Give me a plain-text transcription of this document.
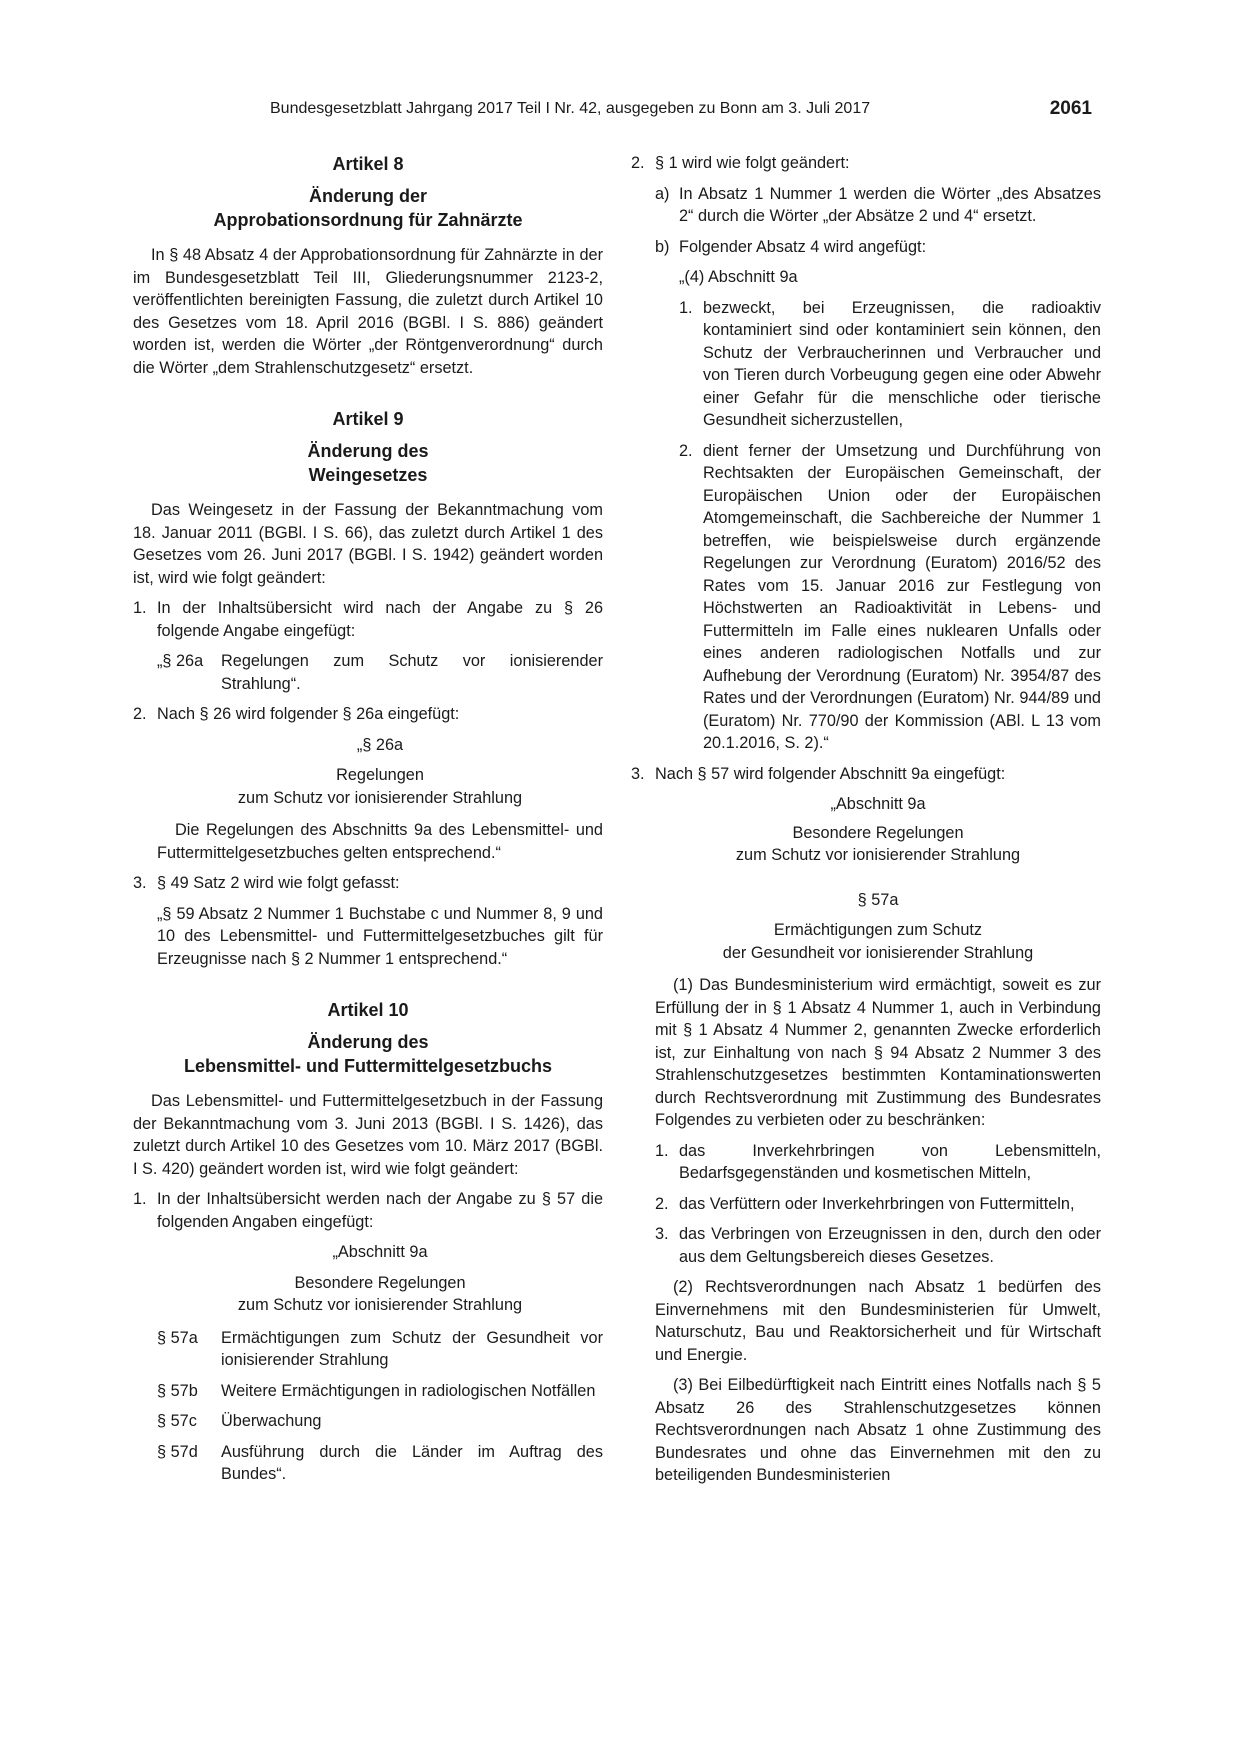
Bundesgesetzblatt Jahrgang 2017 Teil I Nr. 42, ausgegeben zu Bonn am 3. Juli 2017	2061
Artikel 8
Änderung der
Approbationsordnung für Zahnärzte
In § 48 Absatz 4 der Approbationsordnung für Zahnärzte in der im Bundesgesetzblatt Teil III, Gliederungsnummer 2123-2, veröffentlichten bereinigten Fassung, die zuletzt durch Artikel 10 des Gesetzes vom 18. April 2016 (BGBl. I S. 886) geändert worden ist, werden die Wörter „der Röntgenverordnung“ durch die Wörter „dem Strahlenschutzgesetz“ ersetzt.
Artikel 9
Änderung des
Weingesetzes
Das Weingesetz in der Fassung der Bekanntmachung vom 18. Januar 2011 (BGBl. I S. 66), das zuletzt durch Artikel 1 des Gesetzes vom 26. Juni 2017 (BGBl. I S. 1942) geändert worden ist, wird wie folgt geändert:
1. In der Inhaltsübersicht wird nach der Angabe zu § 26 folgende Angabe eingefügt:
„§ 26a Regelungen zum Schutz vor ionisierender Strahlung“.
2. Nach § 26 wird folgender § 26a eingefügt:
„§ 26a
Regelungen
zum Schutz vor ionisierender Strahlung
Die Regelungen des Abschnitts 9a des Lebensmittel- und Futtermittelgesetzbuches gelten entsprechend.“
3. § 49 Satz 2 wird wie folgt gefasst:
„§ 59 Absatz 2 Nummer 1 Buchstabe c und Nummer 8, 9 und 10 des Lebensmittel- und Futtermittelgesetzbuches gilt für Erzeugnisse nach § 2 Nummer 1 entsprechend.“
Artikel 10
Änderung des
Lebensmittel- und Futtermittelgesetzbuchs
Das Lebensmittel- und Futtermittelgesetzbuch in der Fassung der Bekanntmachung vom 3. Juni 2013 (BGBl. I S. 1426), das zuletzt durch Artikel 10 des Gesetzes vom 10. März 2017 (BGBl. I S. 420) geändert worden ist, wird wie folgt geändert:
1. In der Inhaltsübersicht werden nach der Angabe zu § 57 die folgenden Angaben eingefügt:
„Abschnitt 9a
Besondere Regelungen
zum Schutz vor ionisierender Strahlung
§ 57a Ermächtigungen zum Schutz der Gesundheit vor ionisierender Strahlung
§ 57b Weitere Ermächtigungen in radiologischen Notfällen
§ 57c Überwachung
§ 57d Ausführung durch die Länder im Auftrag des Bundes“.
2. § 1 wird wie folgt geändert:
a) In Absatz 1 Nummer 1 werden die Wörter „des Absatzes 2“ durch die Wörter „der Absätze 2 und 4“ ersetzt.
b) Folgender Absatz 4 wird angefügt:
„(4) Abschnitt 9a
1. bezweckt, bei Erzeugnissen, die radioaktiv kontaminiert sind oder kontaminiert sein können, den Schutz der Verbraucherinnen und Verbraucher und von Tieren durch Vorbeugung gegen eine oder Abwehr einer Gefahr für die menschliche oder tierische Gesundheit sicherzustellen,
2. dient ferner der Umsetzung und Durchführung von Rechtsakten der Europäischen Gemeinschaft, der Europäischen Union oder der Europäischen Atomgemeinschaft, die Sachbereiche der Nummer 1 betreffen, wie beispielsweise durch ergänzende Regelungen zur Verordnung (Euratom) 2016/52 des Rates vom 15. Januar 2016 zur Festlegung von Höchstwerten an Radioaktivität in Lebens- und Futtermitteln im Falle eines nuklearen Unfalls oder eines anderen radiologischen Notfalls und zur Aufhebung der Verordnung (Euratom) Nr. 3954/87 des Rates und der Verordnungen (Euratom) Nr. 944/89 und (Euratom) Nr. 770/90 der Kommission (ABl. L 13 vom 20.1.2016, S. 2).“
3. Nach § 57 wird folgender Abschnitt 9a eingefügt:
„Abschnitt 9a
Besondere Regelungen
zum Schutz vor ionisierender Strahlung
§ 57a
Ermächtigungen zum Schutz
der Gesundheit vor ionisierender Strahlung
(1) Das Bundesministerium wird ermächtigt, soweit es zur Erfüllung der in § 1 Absatz 4 Nummer 1, auch in Verbindung mit § 1 Absatz 4 Nummer 2, genannten Zwecke erforderlich ist, zur Einhaltung von nach § 94 Absatz 2 Nummer 3 des Strahlenschutzgesetzes bestimmten Kontaminationswerten durch Rechtsverordnung mit Zustimmung des Bundesrates Folgendes zu verbieten oder zu beschränken:
1. das Inverkehrbringen von Lebensmitteln, Bedarfsgegenständen und kosmetischen Mitteln,
2. das Verfüttern oder Inverkehrbringen von Futtermitteln,
3. das Verbringen von Erzeugnissen in den, durch den oder aus dem Geltungsbereich dieses Gesetzes.
(2) Rechtsverordnungen nach Absatz 1 bedürfen des Einvernehmens mit den Bundesministerien für Umwelt, Naturschutz, Bau und Reaktorsicherheit und für Wirtschaft und Energie.
(3) Bei Eilbedürftigkeit nach Eintritt eines Notfalls nach § 5 Absatz 26 des Strahlenschutzgesetzes können Rechtsverordnungen nach Absatz 1 ohne Zustimmung des Bundesrates und ohne das Einvernehmen mit den zu beteiligenden Bundesministerien
